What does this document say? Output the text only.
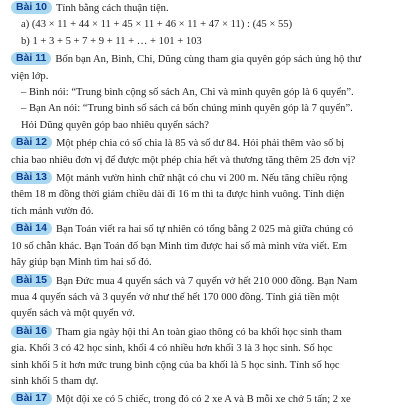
Bài 10 Tính bằng cách thuận tiện.
a) (43 × 11 + 44 × 11 + 45 × 11 + 46 × 11 + 47 × 11) : (45 × 55)
b) 1 + 3 + 5 + 7 + 9 + 11 + … + 101 + 103
Bài 11 Bốn bạn An, Bình, Chi, Dũng cùng tham gia quyên góp sách ủng hộ thư
viện lớp.
– Bình nói: “Trung bình cộng số sách An, Chi và mình quyên góp là 6 quyển”.
– Bạn An nói: “Trung bình số sách cả bốn chúng mình quyên góp là 7 quyển”.
Hỏi Dũng quyên góp bao nhiêu quyển sách?
Bài 12 Một phép chia có số chia là 85 và số dư 84. Hỏi phải thêm vào số bị
chia bao nhiêu đơn vị để được một phép chia hết và thương tăng thêm 25 đơn vị?
Bài 13 Một mảnh vườn hình chữ nhật có chu vi 200 m. Nếu tăng chiều rộng
thêm 18 m đồng thời giảm chiều dài đi 16 m thì ta được hình vuông. Tính diện
tích mảnh vườn đó.
Bài 14 Bạn Toán viết ra hai số tự nhiên có tổng bằng 2 025 mà giữa chúng có
10 số chẵn khác. Bạn Toán đố bạn Minh tìm được hai số mà mình vừa viết. Em
hãy giúp bạn Minh tìm hai số đó.
Bài 15 Bạn Đức mua 4 quyển sách và 7 quyển vở hết 210 000 đồng. Bạn Nam
mua 4 quyển sách và 3 quyển vở như thế hết 170 000 đồng. Tính giá tiền một
quyển sách và một quyển vở.
Bài 16 Tham gia ngày hội thi An toàn giao thông có ba khối học sinh tham
gia. Khối 3 có 42 học sinh, khối 4 có nhiều hơn khối 3 là 3 học sinh. Số học
sinh khối 5 ít hơn mức trung bình cộng của ba khối là 5 học sinh. Tính số học
sinh khối 5 tham dự.
Bài 17 Một đội xe có 5 chiếc, trong đó có 2 xe A và B mỗi xe chở 5 tấn; 2 xe
